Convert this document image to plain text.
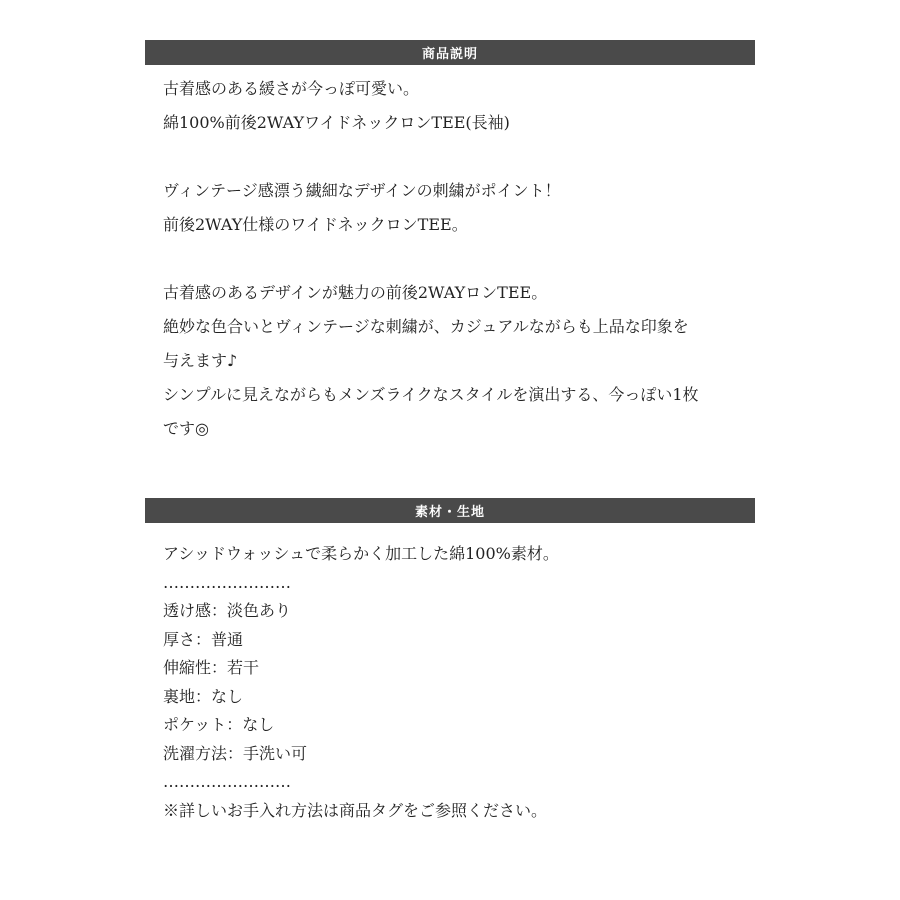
商品説明
古着感のある緩さが今っぽ可愛い。
綿100%前後2WAYワイドネックロンTEE(長袖)
ヴィンテージ感漂う繊細なデザインの刺繍がポイント！
前後2WAY仕様のワイドネックロンTEE。
古着感のあるデザインが魅力の前後2WAYロンTEE。
絶妙な色合いとヴィンテージな刺繍が、カジュアルながらも上品な印象を
与えます♪
シンプルに見えながらもメンズライクなスタイルを演出する、今っぽい1枚
です◎
素材・生地
アシッドウォッシュで柔らかく加工した綿100%素材。
……………………
透け感：淡色あり
厚さ：普通
伸縮性：若干
裏地：なし
ポケット：なし
洗濯方法：手洗い可
……………………
※詳しいお手入れ方法は商品タグをご参照ください。
